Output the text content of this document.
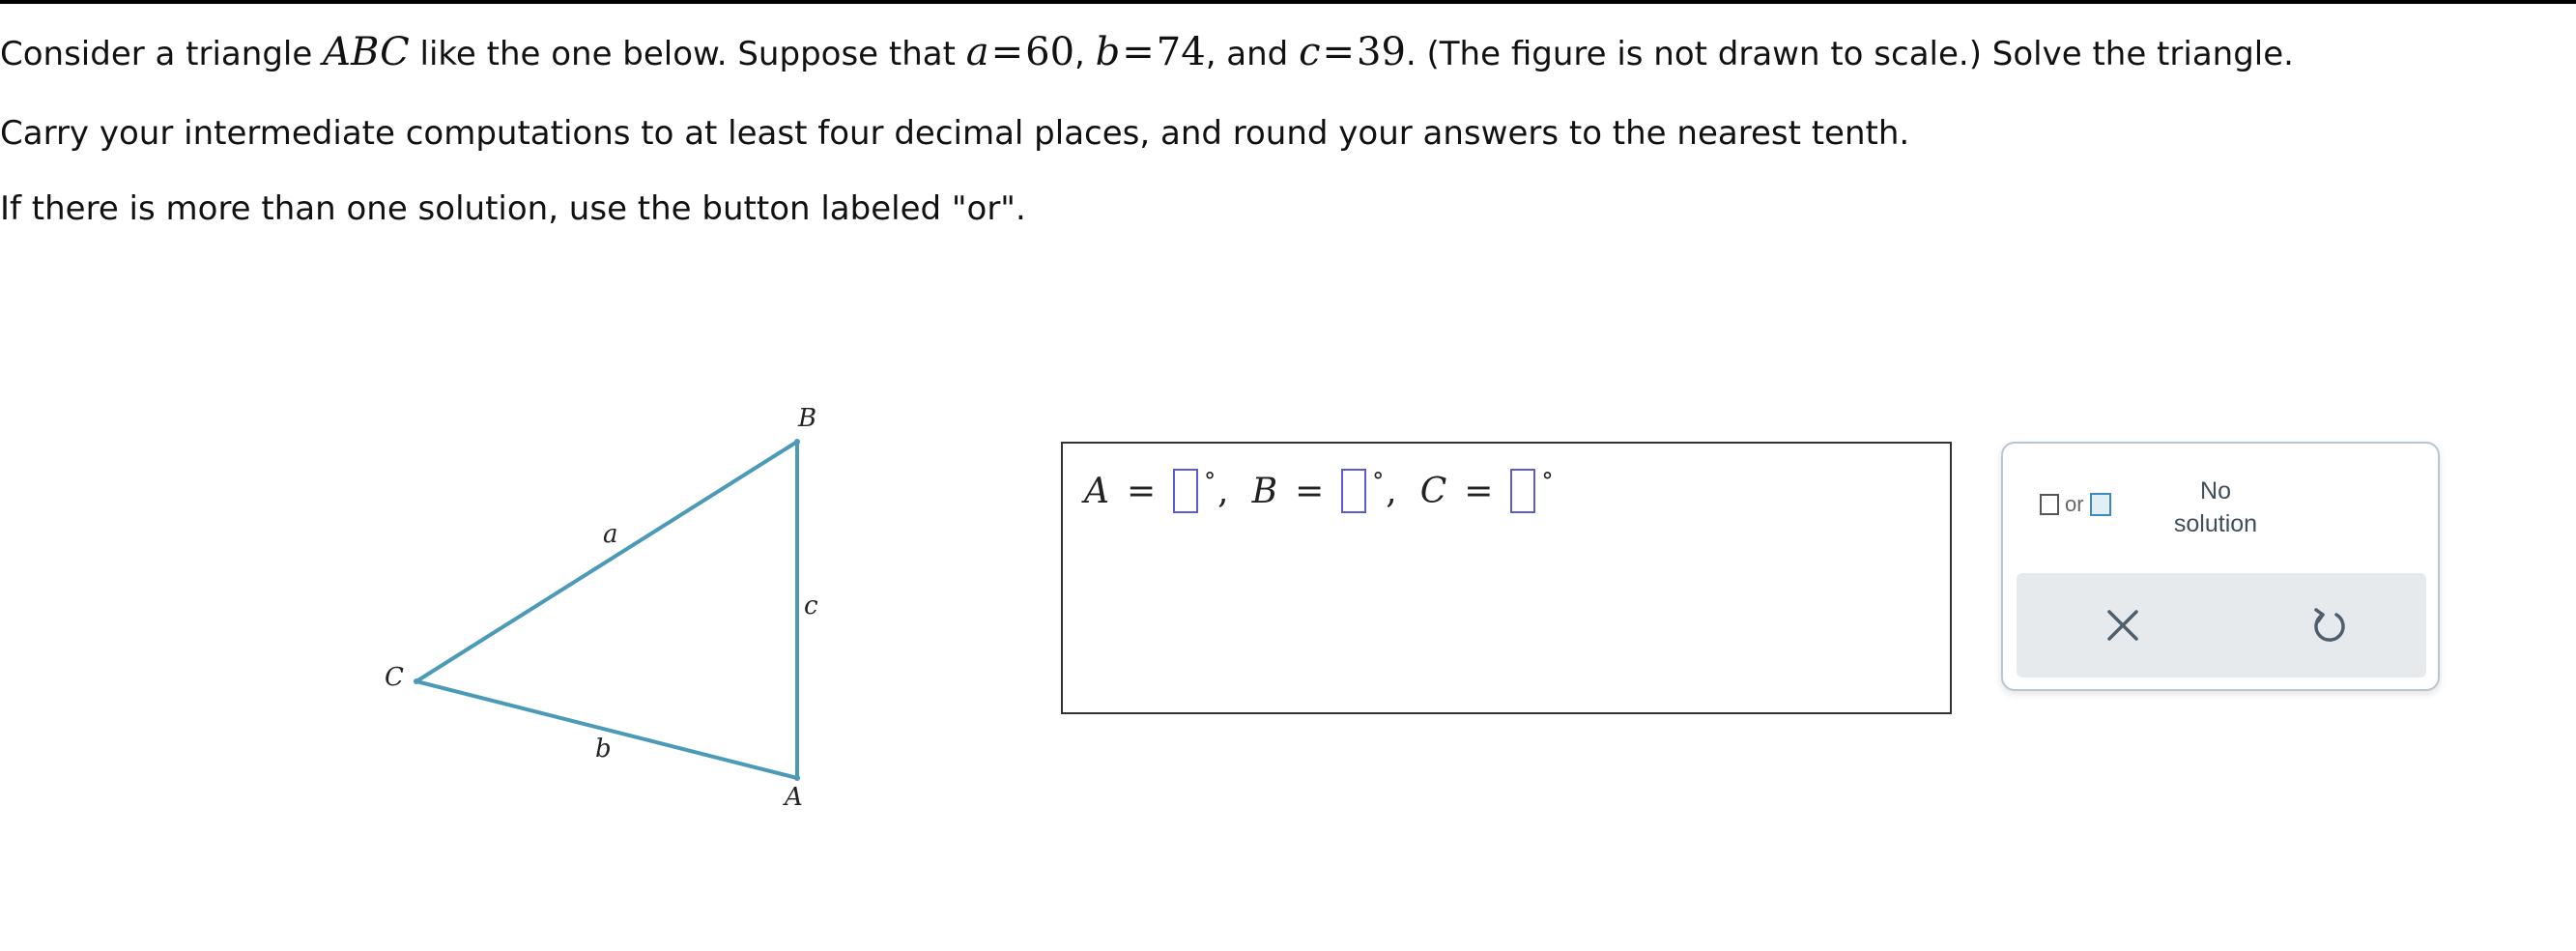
Consider a triangle ABC like the one below. Suppose that a=60, b=74, and c=39. (The figure is not drawn to scale.) Solve the triangle.
Carry your intermediate computations to at least four decimal places, and round your answers to the nearest tenth.
If there is more than one solution, use the button labeled "or".
B
C
A
a
c
b
A = ° , B = ° , C = °
or	No
solution
